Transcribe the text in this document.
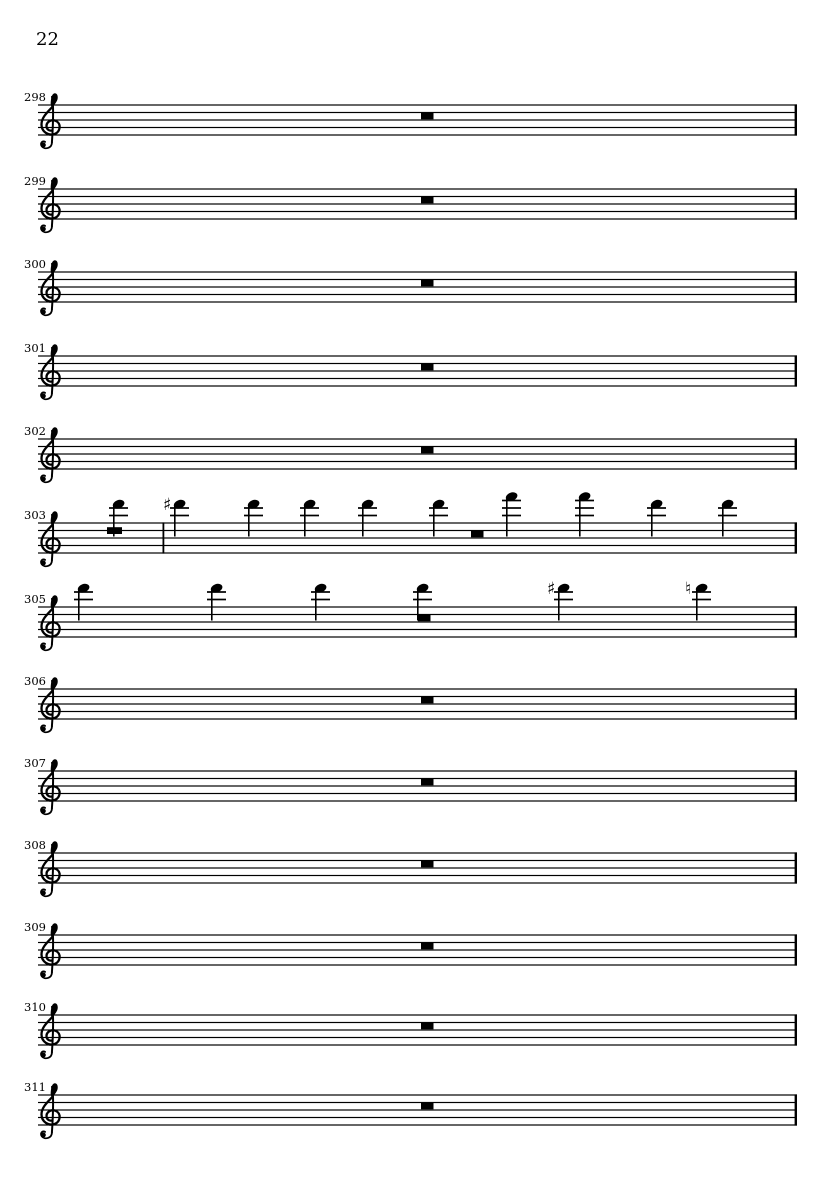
22
298
299
300
301
302
303	♯
305	♯	♮
306
307
308
309
310
311
